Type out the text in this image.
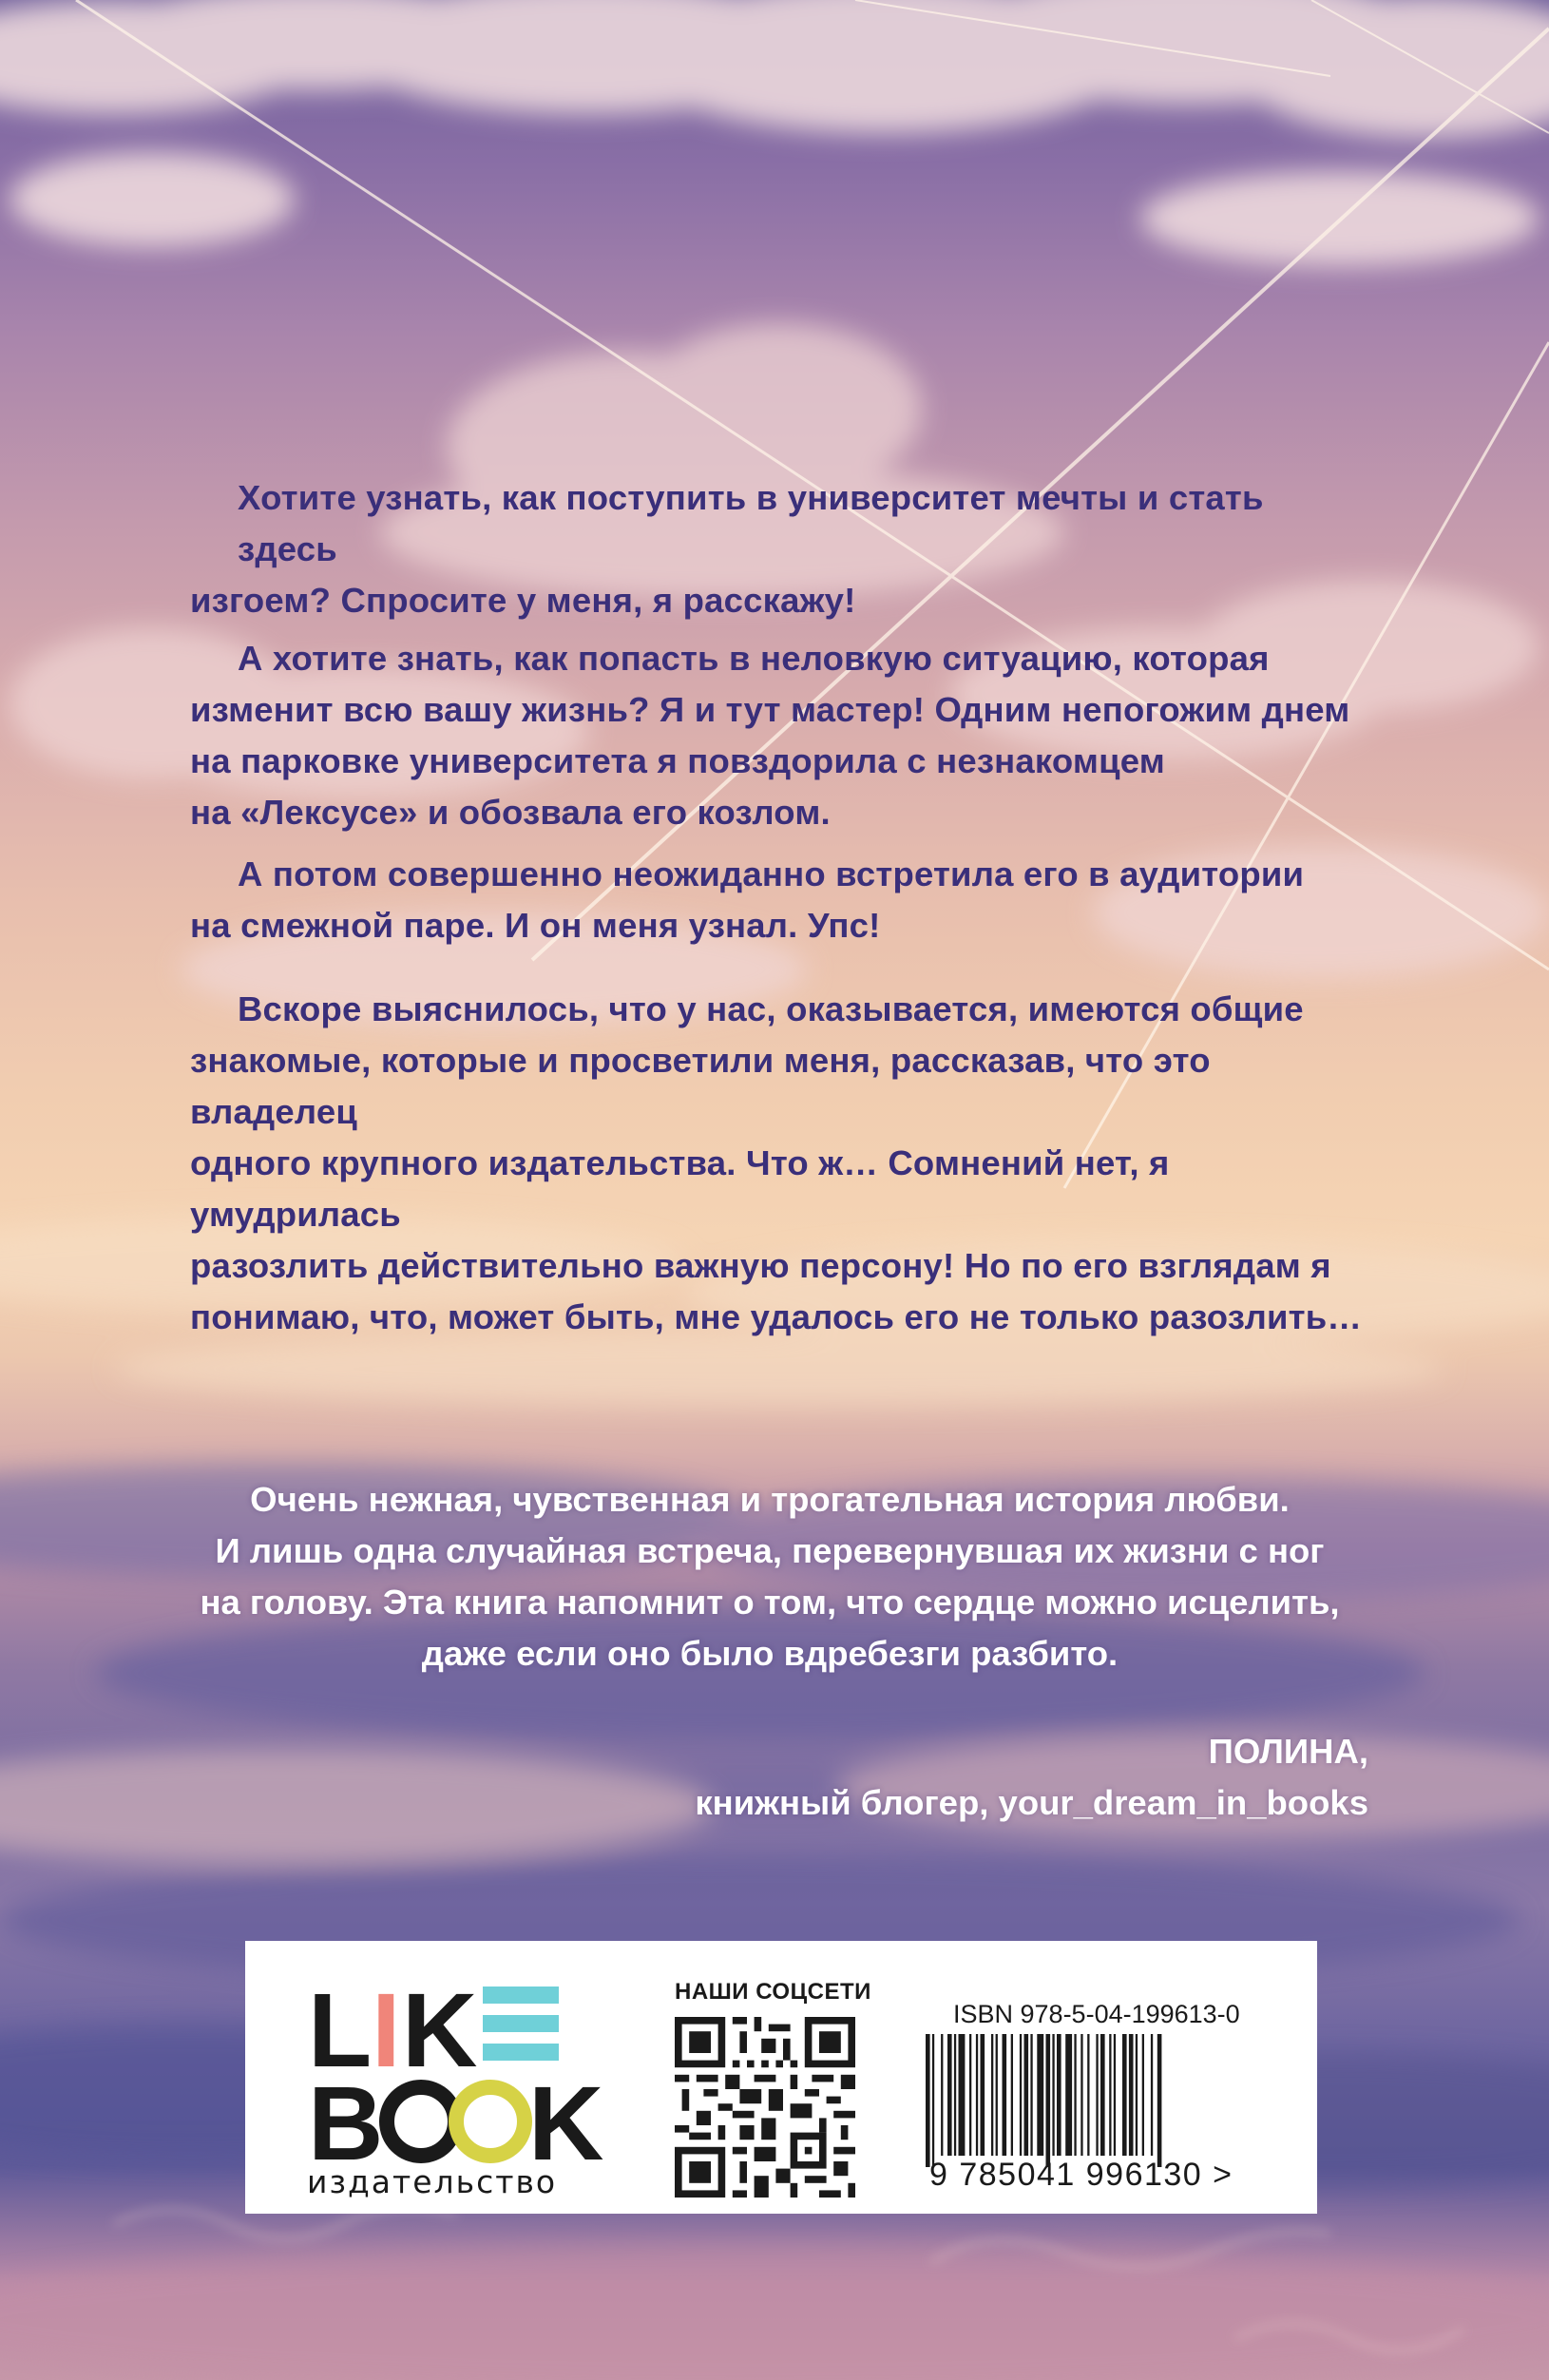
Хотите узнать, как поступить в университет мечты и стать здесь
изгоем? Спросите у меня, я расскажу!
А хотите знать, как попасть в неловкую ситуацию, которая
изменит всю вашу жизнь? Я и тут мастер! Одним непогожим днем
на парковке университета я повздорила с незнакомцем
на «Лексусе» и обозвала его козлом.
А потом совершенно неожиданно встретила его в аудитории
на смежной паре. И он меня узнал. Упс!
Вскоре выяснилось, что у нас, оказывается, имеются общие
знакомые, которые и просветили меня, рассказав, что это владелец
одного крупного издательства. Что ж… Сомнений нет, я умудрилась
разозлить действительно важную персону! Но по его взглядам я
понимаю, что, может быть, мне удалось его не только разозлить…
Очень нежная, чувственная и трогательная история любви.
И лишь одна случайная встреча, перевернувшая их жизни с ног
на голову. Эта книга напомнит о том, что сердце можно исцелить,
даже если оно было вдребезги разбито.
ПОЛИНА,
книжный блогер, your_dream_in_books
L I K
B K
издательство
НАШИ СОЦСЕТИ
ISBN 978-5-04-199613-0
9 785041 996130 >
